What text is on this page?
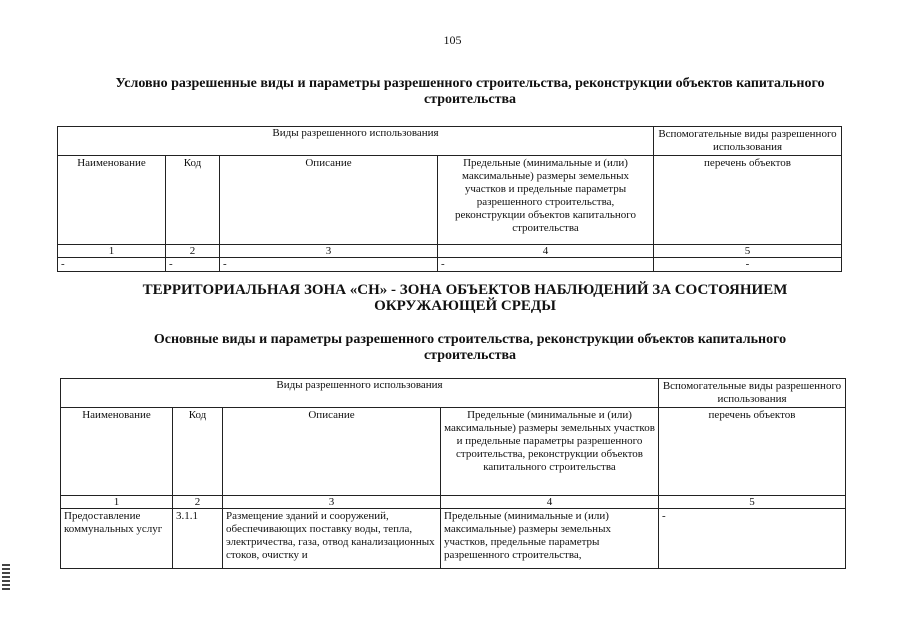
105
Условно разрешенные виды и параметры разрешенного строительства, реконструкции объектов капитального строительства
Виды разрешенного использования				Вспомогательные виды разрешенного использования
Наименование	Код	Описание	Предельные (минимальные и (или) максимальные) размеры земельных участков и предельные параметры разрешенного строительства, реконструкции объектов капитального строительства	перечень объектов
1	2	3	4	5
-	-	-	-	-
ТЕРРИТОРИАЛЬНАЯ ЗОНА «СН» - ЗОНА ОБЪЕКТОВ НАБЛЮДЕНИЙ ЗА СОСТОЯНИЕМ ОКРУЖАЮЩЕЙ СРЕДЫ
Основные виды и параметры разрешенного строительства, реконструкции объектов капитального строительства
Виды разрешенного использования				Вспомогательные виды разрешенного использования
Наименование	Код	Описание	Предельные (минимальные и (или) максимальные) размеры земельных участков и предельные параметры разрешенного строительства, реконструкции объектов капитального строительства	перечень объектов
1	2	3	4	5
Предоставление коммунальных услуг	3.1.1	Размещение зданий и сооружений, обеспечивающих поставку воды, тепла, электричества, газа, отвод канализационных стоков, очистку и	Предельные (минимальные и (или) максимальные) размеры земельных участков, предельные параметры разрешенного строительства,	-
